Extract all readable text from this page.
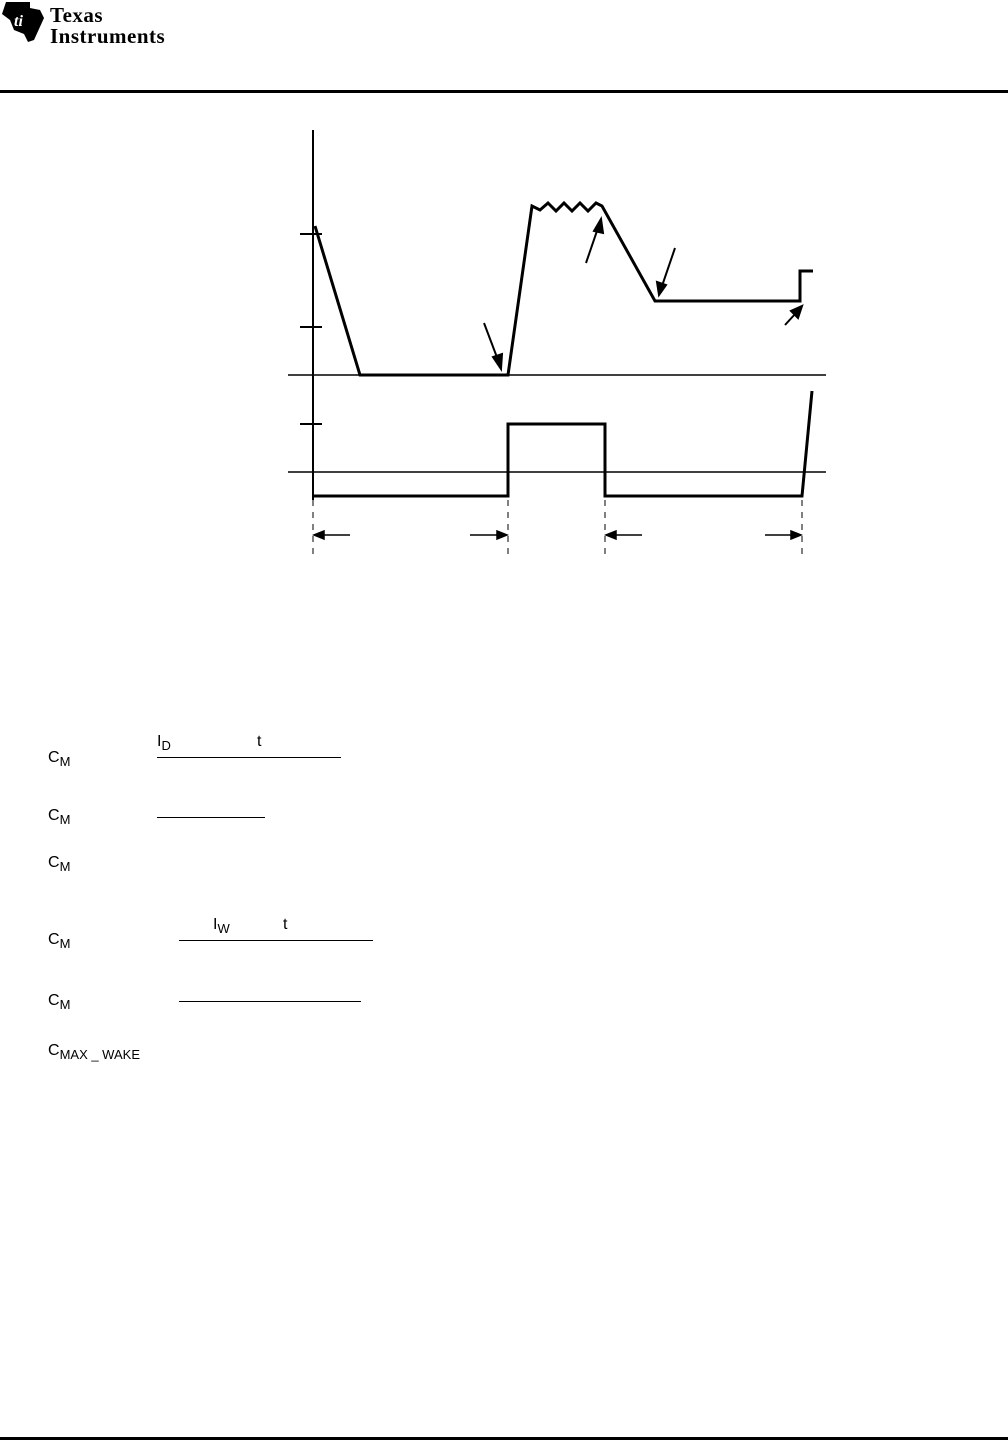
ti Texas
Instruments
$C_M$
$I_D$	t
$C_M$
$C_M$
$C_M$
$I_W$	t
$C_M$
$C_{MAX \_ WAKE}$
